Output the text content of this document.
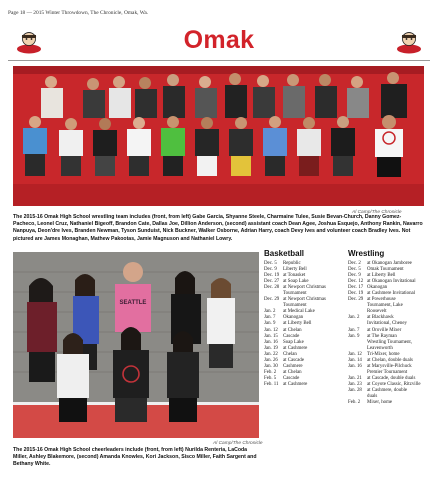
Page 18 — 2015 Winter Throwdown, The Chronicle, Omak, Wa.
Omak
Al Camp/The Chronicle
The 2015-16 Omak High School wrestling team includes (front, from left) Gabe Garcia, Shyanne Steele, Charmaine Tulee, Susie Bevan-Church, Danny Gomez-Pacheco, Leonel Cruz, Nathaniel Bigeoff, Brandon Cate, Dallas Joe, Dillion Anderson, (second) assistant coach Dean Agee, Joshua Esquejo, Anthony Rankin, Navarro Nanpuya, Deon'dre Ives, Branden Newman, Tyson Sunduist, Nick Buckner, Walker Osborne, Adrian Harry, coach Devy Ives and volunteer coach Bradley Ives. Not pictured are James Monaghan, Mathew Pakootas, Jamie Magnuson and Nathaniel Lowry.
SEATTLE
Al Camp/The Chronicle
The 2015-16 Omak High School cheerleaders include (front, from left) Nurilda Renteria, LaCoda Miller, Ashley Blakemore, (second) Amanda Knowles, Kori Jackson, Sisco Miller, Faith Sargent and Bethany White.
Basketball
Dec. 5	Republic
Dec. 9	Liberty Bell
Dec. 19 at Tonasket
Dec. 27 at Soap Lake
Dec. 28 at Newport Christmas
Tournament
Dec. 29 at Newport Christmas
Tournament
Jan. 2	at Medical Lake
Jan. 7	Okanogan
Jan. 9	at Liberty Bell
Jan. 12	at Chelan
Jan. 15	Cascade
Jan. 16	Soap Lake
Jan. 19	at Cashmere
Jan. 22	Chelan
Jan. 26	at Cascade
Jan. 30	Cashmere
Feb. 2	at Chelan
Feb. 5	Cascade
Feb. 11 at Cashmere
Wrestling
Dec. 2	at Okanogan Jamboree
Dec. 5	Omak Tournament
Dec. 9	at Liberty Bell
Dec. 12 at Okanogan Invitational
Dec. 17 Okanogan
Dec. 19 at Cashmere Invitational
Dec. 29 at Powerhouse
Tournament, Lake
Roosevelt
Jan. 2	at Blackhawk
Invitational, Cheney
Jan. 7	at Oroville Mixer
Jan. 9	at The Rayman
Wrestling Tournament,
Leavenworth
Jan. 12	Tri-Mixer, home
Jan. 14	at Chelan, double duals
Jan. 16	at Marysville-Pilchuck
Premier Tournament
Jan. 21	at Cascade, double duals
Jan. 23	at Coyote Classic, Ritzville
Jan. 28	at Cashmere, double
duals
Feb. 2	Mixer, home
